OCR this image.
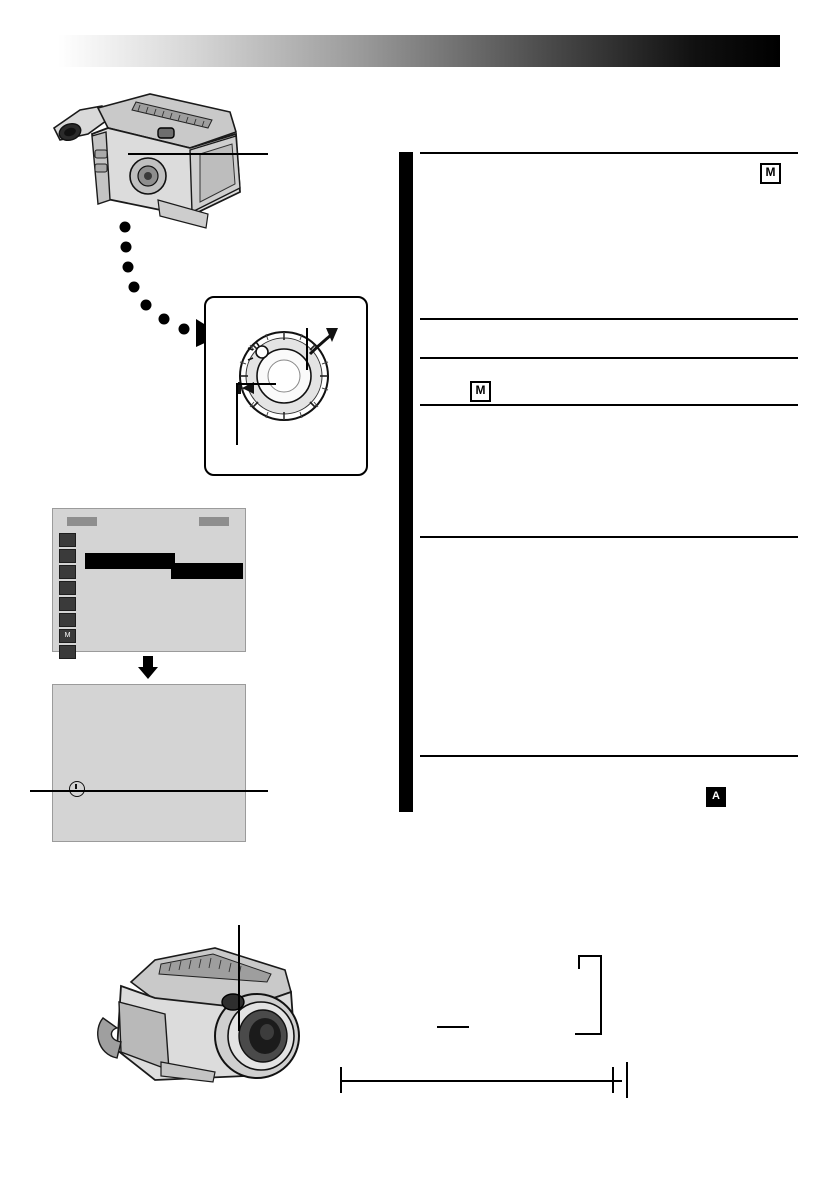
M
M
M
A
